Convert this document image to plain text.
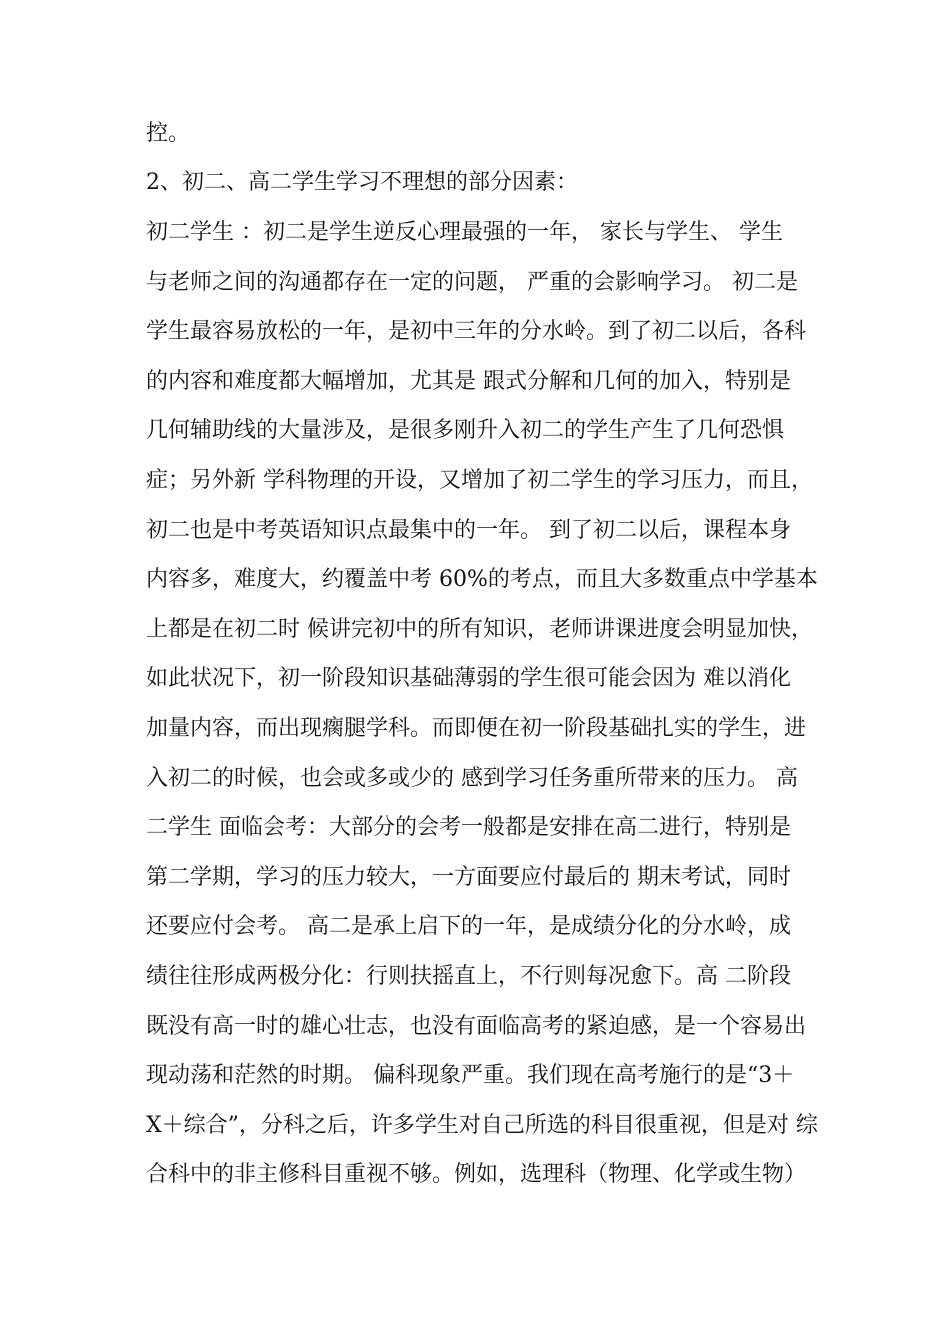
控。
2、初二、高二学生学习不理想的部分因素：
初二学生 ：初二是学生逆反心理最强的一年， 家长与学生、 学生
与老师之间的沟通都存在一定的问题， 严重的会影响学习。 初二是
学生最容易放松的一年，是初中三年的分水岭。到了初二以后，各科
的内容和难度都大幅增加，尤其是 跟式分解和几何的加入，特别是
几何辅助线的大量涉及，是很多刚升入初二的学生产生了几何恐惧
症；另外新 学科物理的开设，又增加了初二学生的学习压力，而且，
初二也是中考英语知识点最集中的一年。 到了初二以后，课程本身
内容多，难度大，约覆盖中考 60%的考点，而且大多数重点中学基本
上都是在初二时 候讲完初中的所有知识，老师讲课进度会明显加快，
如此状况下，初一阶段知识基础薄弱的学生很可能会因为 难以消化
加量内容，而出现瘸腿学科。而即便在初一阶段基础扎实的学生，进
入初二的时候，也会或多或少的 感到学习任务重所带来的压力。 高
二学生 面临会考：大部分的会考一般都是安排在高二进行，特别是
第二学期，学习的压力较大，一方面要应付最后的 期末考试，同时
还要应付会考。 高二是承上启下的一年，是成绩分化的分水岭，成
绩往往形成两极分化：行则扶摇直上，不行则每况愈下。高 二阶段
既没有高一时的雄心壮志，也没有面临高考的紧迫感，是一个容易出
现动荡和茫然的时期。 偏科现象严重。我们现在高考施行的是“3＋
X＋综合”，分科之后，许多学生对自己所选的科目很重视，但是对 综
合科中的非主修科目重视不够。例如，选理科（物理、化学或生物）
